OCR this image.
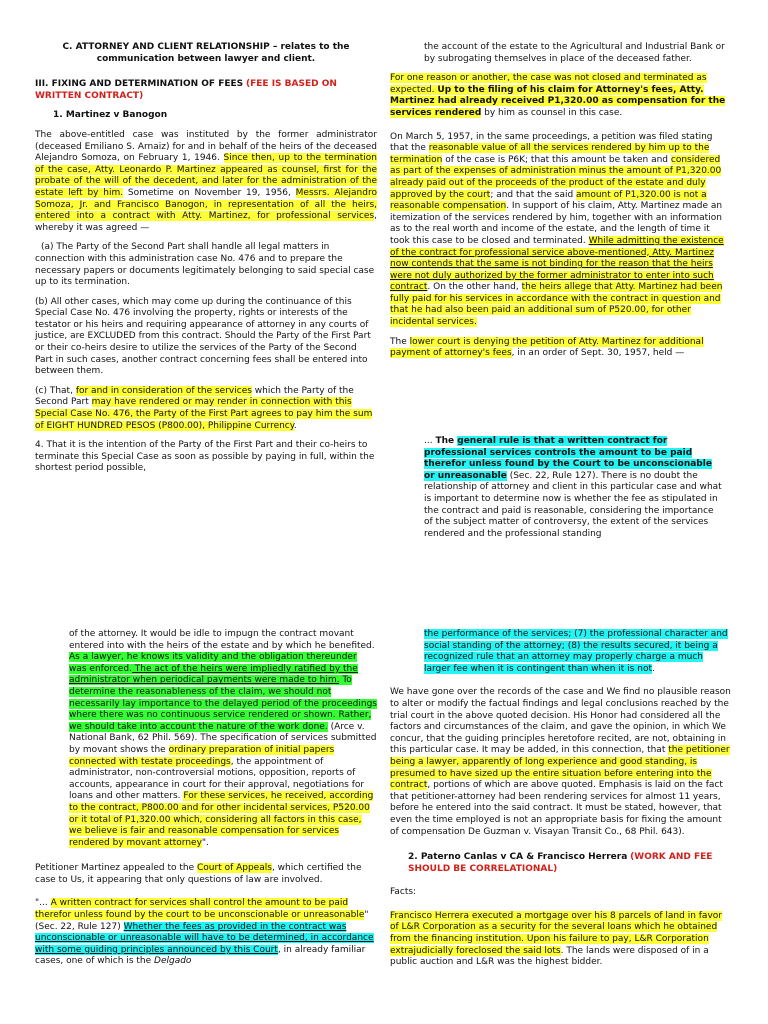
C. ATTORNEY AND CLIENT RELATIONSHIP – relates to the communication between lawyer and client.

III. FIXING AND DETERMINATION OF FEES (FEE IS BASED ON WRITTEN CONTRACT)

1. Martinez v Banogon

The above-entitled case was instituted by the former administrator (deceased Emiliano S. Arnaiz) for and in behalf of the heirs of the deceased Alejandro Somoza, on February 1, 1946. Since then, up to the termination of the case, Atty. Leonardo P. Martinez appeared as counsel, first for the probate of the will of the decedent, and later for the administration of the estate left by him. Sometime on November 19, 1956, Messrs. Alejandro Somoza, Jr. and Francisco Banogon, in representation of all the heirs, entered into a contract with Atty. Martinez, for professional services, whereby it was agreed —

(a) The Party of the Second Part shall handle all legal matters in connection with this administration case No. 476 and to prepare the necessary papers or documents legitimately belonging to said special case up to its termination.

(b) All other cases, which may come up during the continuance of this Special Case No. 476 involving the property, rights or interests of the testator or his heirs and requiring appearance of attorney in any courts of justice, are EXCLUDED from this contract. Should the Party of the First Part or their co-heirs desire to utilize the services of the Party of the Second Part in such cases, another contract concerning fees shall be entered into between them.

(c) That, for and in consideration of the services which the Party of the Second Part may have rendered or may render in connection with this Special Case No. 476, the Party of the First Part agrees to pay him the sum of EIGHT HUNDRED PESOS (P800.00), Philippine Currency.

4. That it is the intention of the Party of the First Part and their co-heirs to terminate this Special Case as soon as possible by paying in full, within the shortest period possible,

the account of the estate to the Agricultural and Industrial Bank or by subrogating themselves in place of the deceased father.

For one reason or another, the case was not closed and terminated as expected. Up to the filing of his claim for Attorney's fees, Atty. Martinez had already received P1,320.00 as compensation for the services rendered by him as counsel in this case.

On March 5, 1957, in the same proceedings, a petition was filed stating that the reasonable value of all the services rendered by him up to the termination of the case is P6K; that this amount be taken and considered as part of the expenses of administration minus the amount of P1,320.00 already paid out of the proceeds of the product of the estate and duly approved by the court; and that the said amount of P1,320.00 is not a reasonable compensation. In support of his claim, Atty. Martinez made an itemization of the services rendered by him, together with an information as to the real worth and income of the estate, and the length of time it took this case to be closed and terminated. While admitting the existence of the contract for professional service above-mentioned, Atty. Martinez now contends that the same is not binding for the reason that the heirs were not duly authorized by the former administrator to enter into such contract. On the other hand, the heirs allege that Atty. Martinez had been fully paid for his services in accordance with the contract in question and that he had also been paid an additional sum of P520.00, for other incidental services.

The lower court is denying the petition of Atty. Martinez for additional payment of attorney's fees, in an order of Sept. 30, 1957, held —

... The general rule is that a written contract for professional services controls the amount to be paid therefor unless found by the Court to be unconscionable or unreasonable (Sec. 22, Rule 127). There is no doubt the relationship of attorney and client in this particular case and what is important to determine now is whether the fee as stipulated in the contract and paid is reasonable, considering the importance of the subject matter of controversy, the extent of the services rendered and the professional standing

of the attorney. It would be idle to impugn the contract movant entered into with the heirs of the estate and by which he benefited. As a lawyer, he knows its validity and the obligation thereunder was enforced. The act of the heirs were impliedly ratified by the administrator when periodical payments were made to him. To determine the reasonableness of the claim, we should not necessarily lay importance to the delayed period of the proceedings where there was no continuous service rendered or shown. Rather, we should take into account the nature of the work done. (Arce v. National Bank, 62 Phil. 569). The specification of services submitted by movant shows the ordinary preparation of initial papers connected with testate proceedings, the appointment of administrator, non-controversial motions, opposition, reports of accounts, appearance in court for their approval, negotiations for loans and other matters. For these services, he received, according to the contract, P800.00 and for other incidental services, P520.00 or it total of P1,320.00 which, considering all factors in this case, we believe is fair and reasonable compensation for services rendered by movant attorney".

Petitioner Martinez appealed to the Court of Appeals, which certified the case to Us, it appearing that only questions of law are involved.

"... A written contract for services shall control the amount to be paid therefor unless found by the court to be unconscionable or unreasonable" (Sec. 22, Rule 127) Whether the fees as provided in the contract was unconscionable or unreasonable will have to be determined, in accordance with some guiding principles announced by this Court, in already familiar cases, one of which is the Delgado

the performance of the services; (7) the professional character and social standing of the attorney; (8) the results secured, it being a recognized rule that an attorney may properly charge a much larger fee when it is contingent than when it is not.

We have gone over the records of the case and We find no plausible reason to alter or modify the factual findings and legal conclusions reached by the trial court in the above quoted decision. His Honor had considered all the factors and circumstances of the claim, and gave the opinion, in which We concur, that the guiding principles heretofore recited, are not, obtaining in this particular case. It may be added, in this connection, that the petitioner being a lawyer, apparently of long experience and good standing, is presumed to have sized up the entire situation before entering into the contract, portions of which are above quoted. Emphasis is laid on the fact that petitioner-attorney had been rendering services for almost 11 years, before he entered into the said contract. It must be stated, however, that even the time employed is not an appropriate basis for fixing the amount of compensation De Guzman v. Visayan Transit Co., 68 Phil. 643).

2. Paterno Canlas v CA & Francisco Herrera (WORK AND FEE SHOULD BE CORRELATIONAL)

Facts:

Francisco Herrera executed a mortgage over his 8 parcels of land in favor of L&R Corporation as a security for the several loans which he obtained from the financing institution. Upon his failure to pay, L&R Corporation extrajudicially foreclosed the said lots. The lands were disposed of in a public auction and L&R was the highest bidder.
